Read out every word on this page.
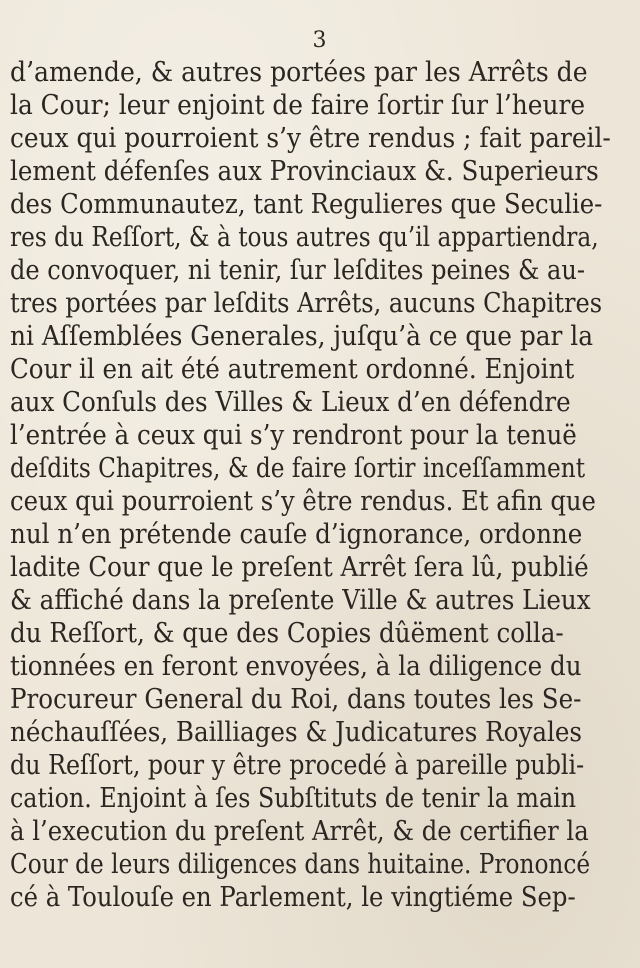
3
d’amende, & autres portées par les Arrêts de
la Cour; leur enjoint de faire ſortir ſur l’heure
ceux qui pourroient s’y être rendus ; fait pareil-
lement défenſes aux Provinciaux &. Superieurs
des Communautez, tant Regulieres que Seculie-
res du Reſſort, & à tous autres qu’il appartiendra,
de convoquer, ni tenir, ſur leſdites peines & au-
tres portées par leſdits Arrêts, aucuns Chapitres
ni Aſſemblées Generales, juſqu’à ce que par la
Cour il en ait été autrement ordonné. Enjoint
aux Conſuls des Villes & Lieux d’en défendre
l’entrée à ceux qui s’y rendront pour la tenuë
deſdits Chapitres, & de faire ſortir inceſſamment
ceux qui pourroient s’y être rendus. Et afin que
nul n’en prétende cauſe d’ignorance, ordonne
ladite Cour que le preſent Arrêt ſera lû, publié
& affiché dans la preſente Ville & autres Lieux
du Reſſort, & que des Copies dûëment colla-
tionnées en feront envoyées, à la diligence du
Procureur General du Roi, dans toutes les Se-
néchauſſées, Bailliages & Judicatures Royales
du Reſſort, pour y être procedé à pareille publi-
cation. Enjoint à ſes Subſtituts de tenir la main
à l’execution du preſent Arrêt, & de certifier la
Cour de leurs diligences dans huitaine. Prononcé
cé à Toulouſe en Parlement, le vingtiéme Sep-
